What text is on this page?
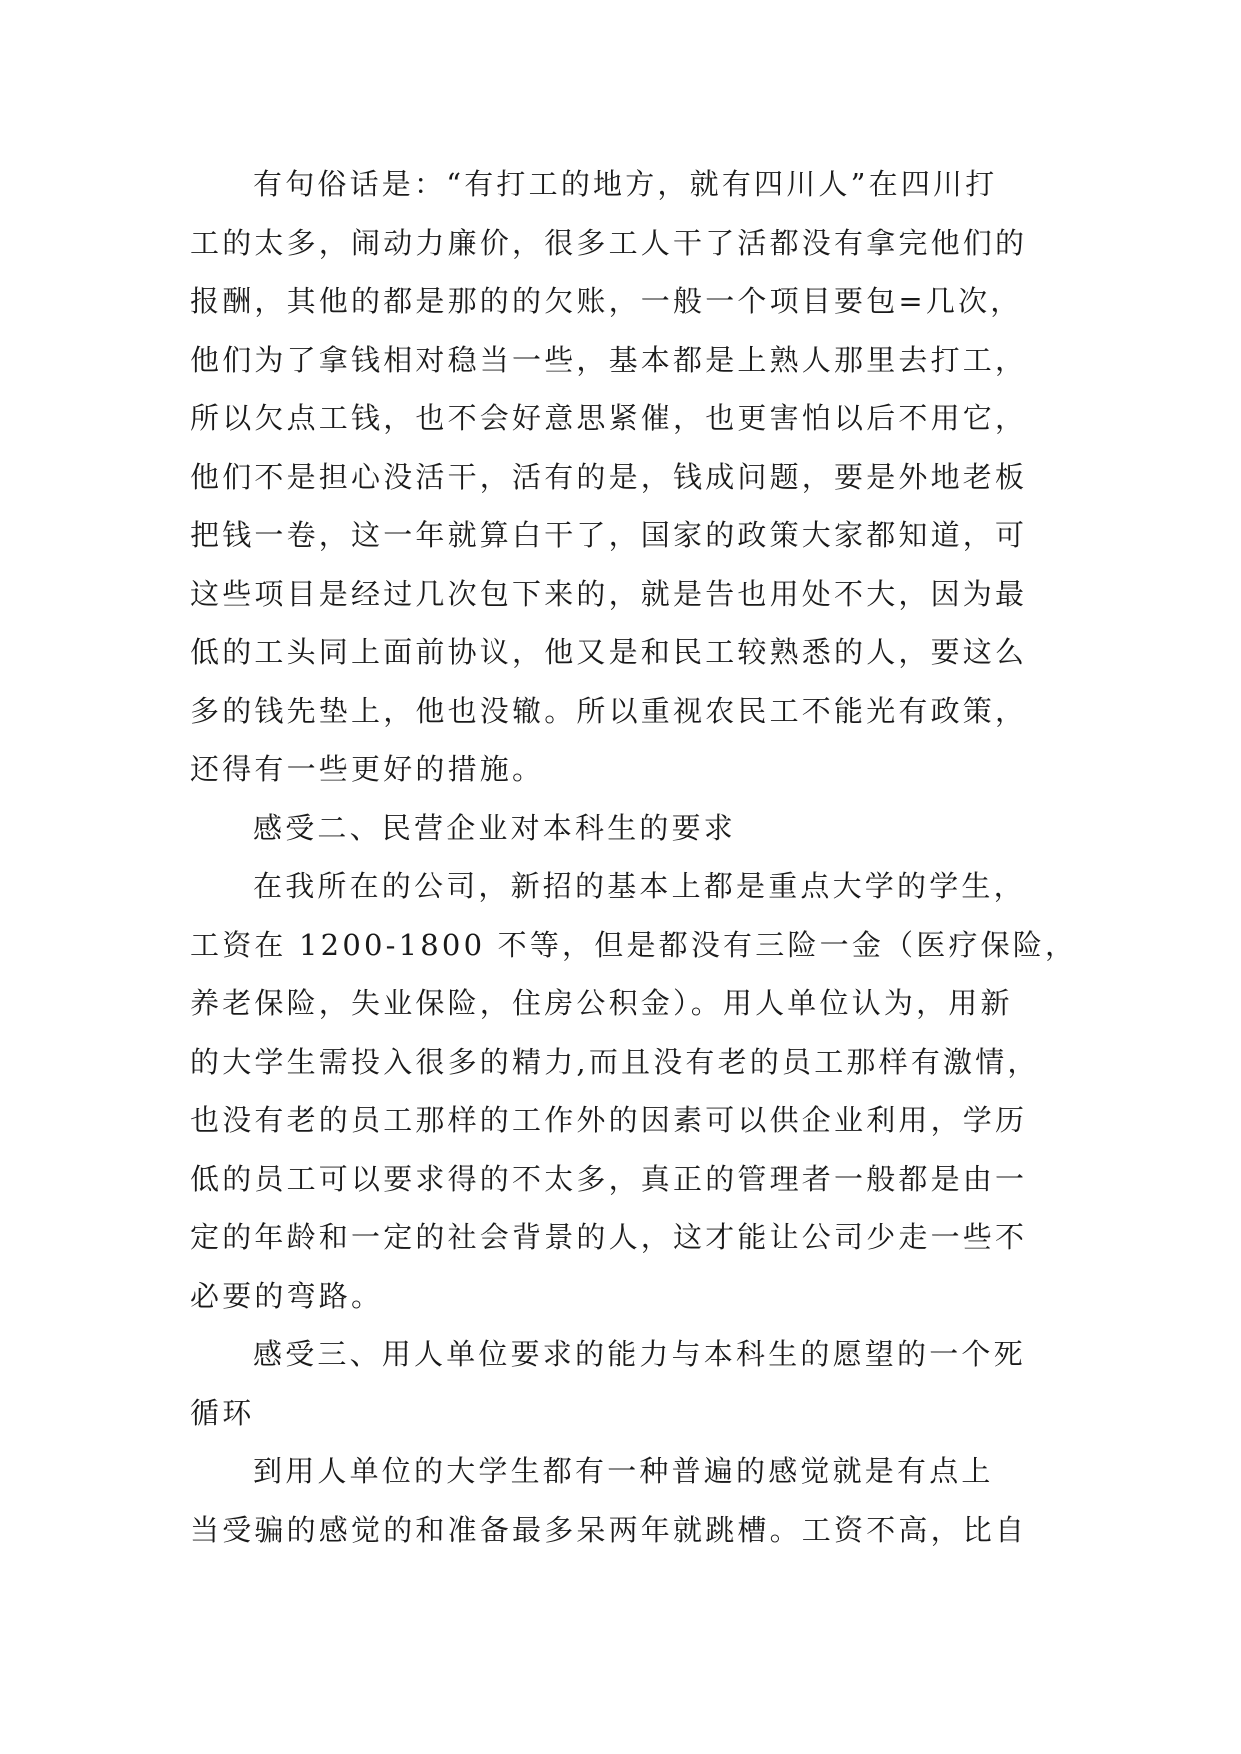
有句俗话是：“有打工的地方，就有四川人”在四川打
工的太多，闹动力廉价，很多工人干了活都没有拿完他们的
报酬，其他的都是那的的欠账，一般一个项目要包=几次，
他们为了拿钱相对稳当一些，基本都是上熟人那里去打工，
所以欠点工钱，也不会好意思紧催，也更害怕以后不用它，
他们不是担心没活干，活有的是，钱成问题，要是外地老板
把钱一卷，这一年就算白干了，国家的政策大家都知道，可
这些项目是经过几次包下来的，就是告也用处不大，因为最
低的工头同上面前协议，他又是和民工较熟悉的人，要这么
多的钱先垫上，他也没辙。所以重视农民工不能光有政策，
还得有一些更好的措施。
感受二、民营企业对本科生的要求
在我所在的公司，新招的基本上都是重点大学的学生，
工资在 1200-1800 不等，但是都没有三险一金（医疗保险，
养老保险，失业保险，住房公积金）。用人单位认为，用新
的大学生需投入很多的精力,而且没有老的员工那样有激情，
也没有老的员工那样的工作外的因素可以供企业利用，学历
低的员工可以要求得的不太多，真正的管理者一般都是由一
定的年龄和一定的社会背景的人，这才能让公司少走一些不
必要的弯路。
感受三、用人单位要求的能力与本科生的愿望的一个死
循环
到用人单位的大学生都有一种普遍的感觉就是有点上
当受骗的感觉的和准备最多呆两年就跳槽。工资不高，比自
